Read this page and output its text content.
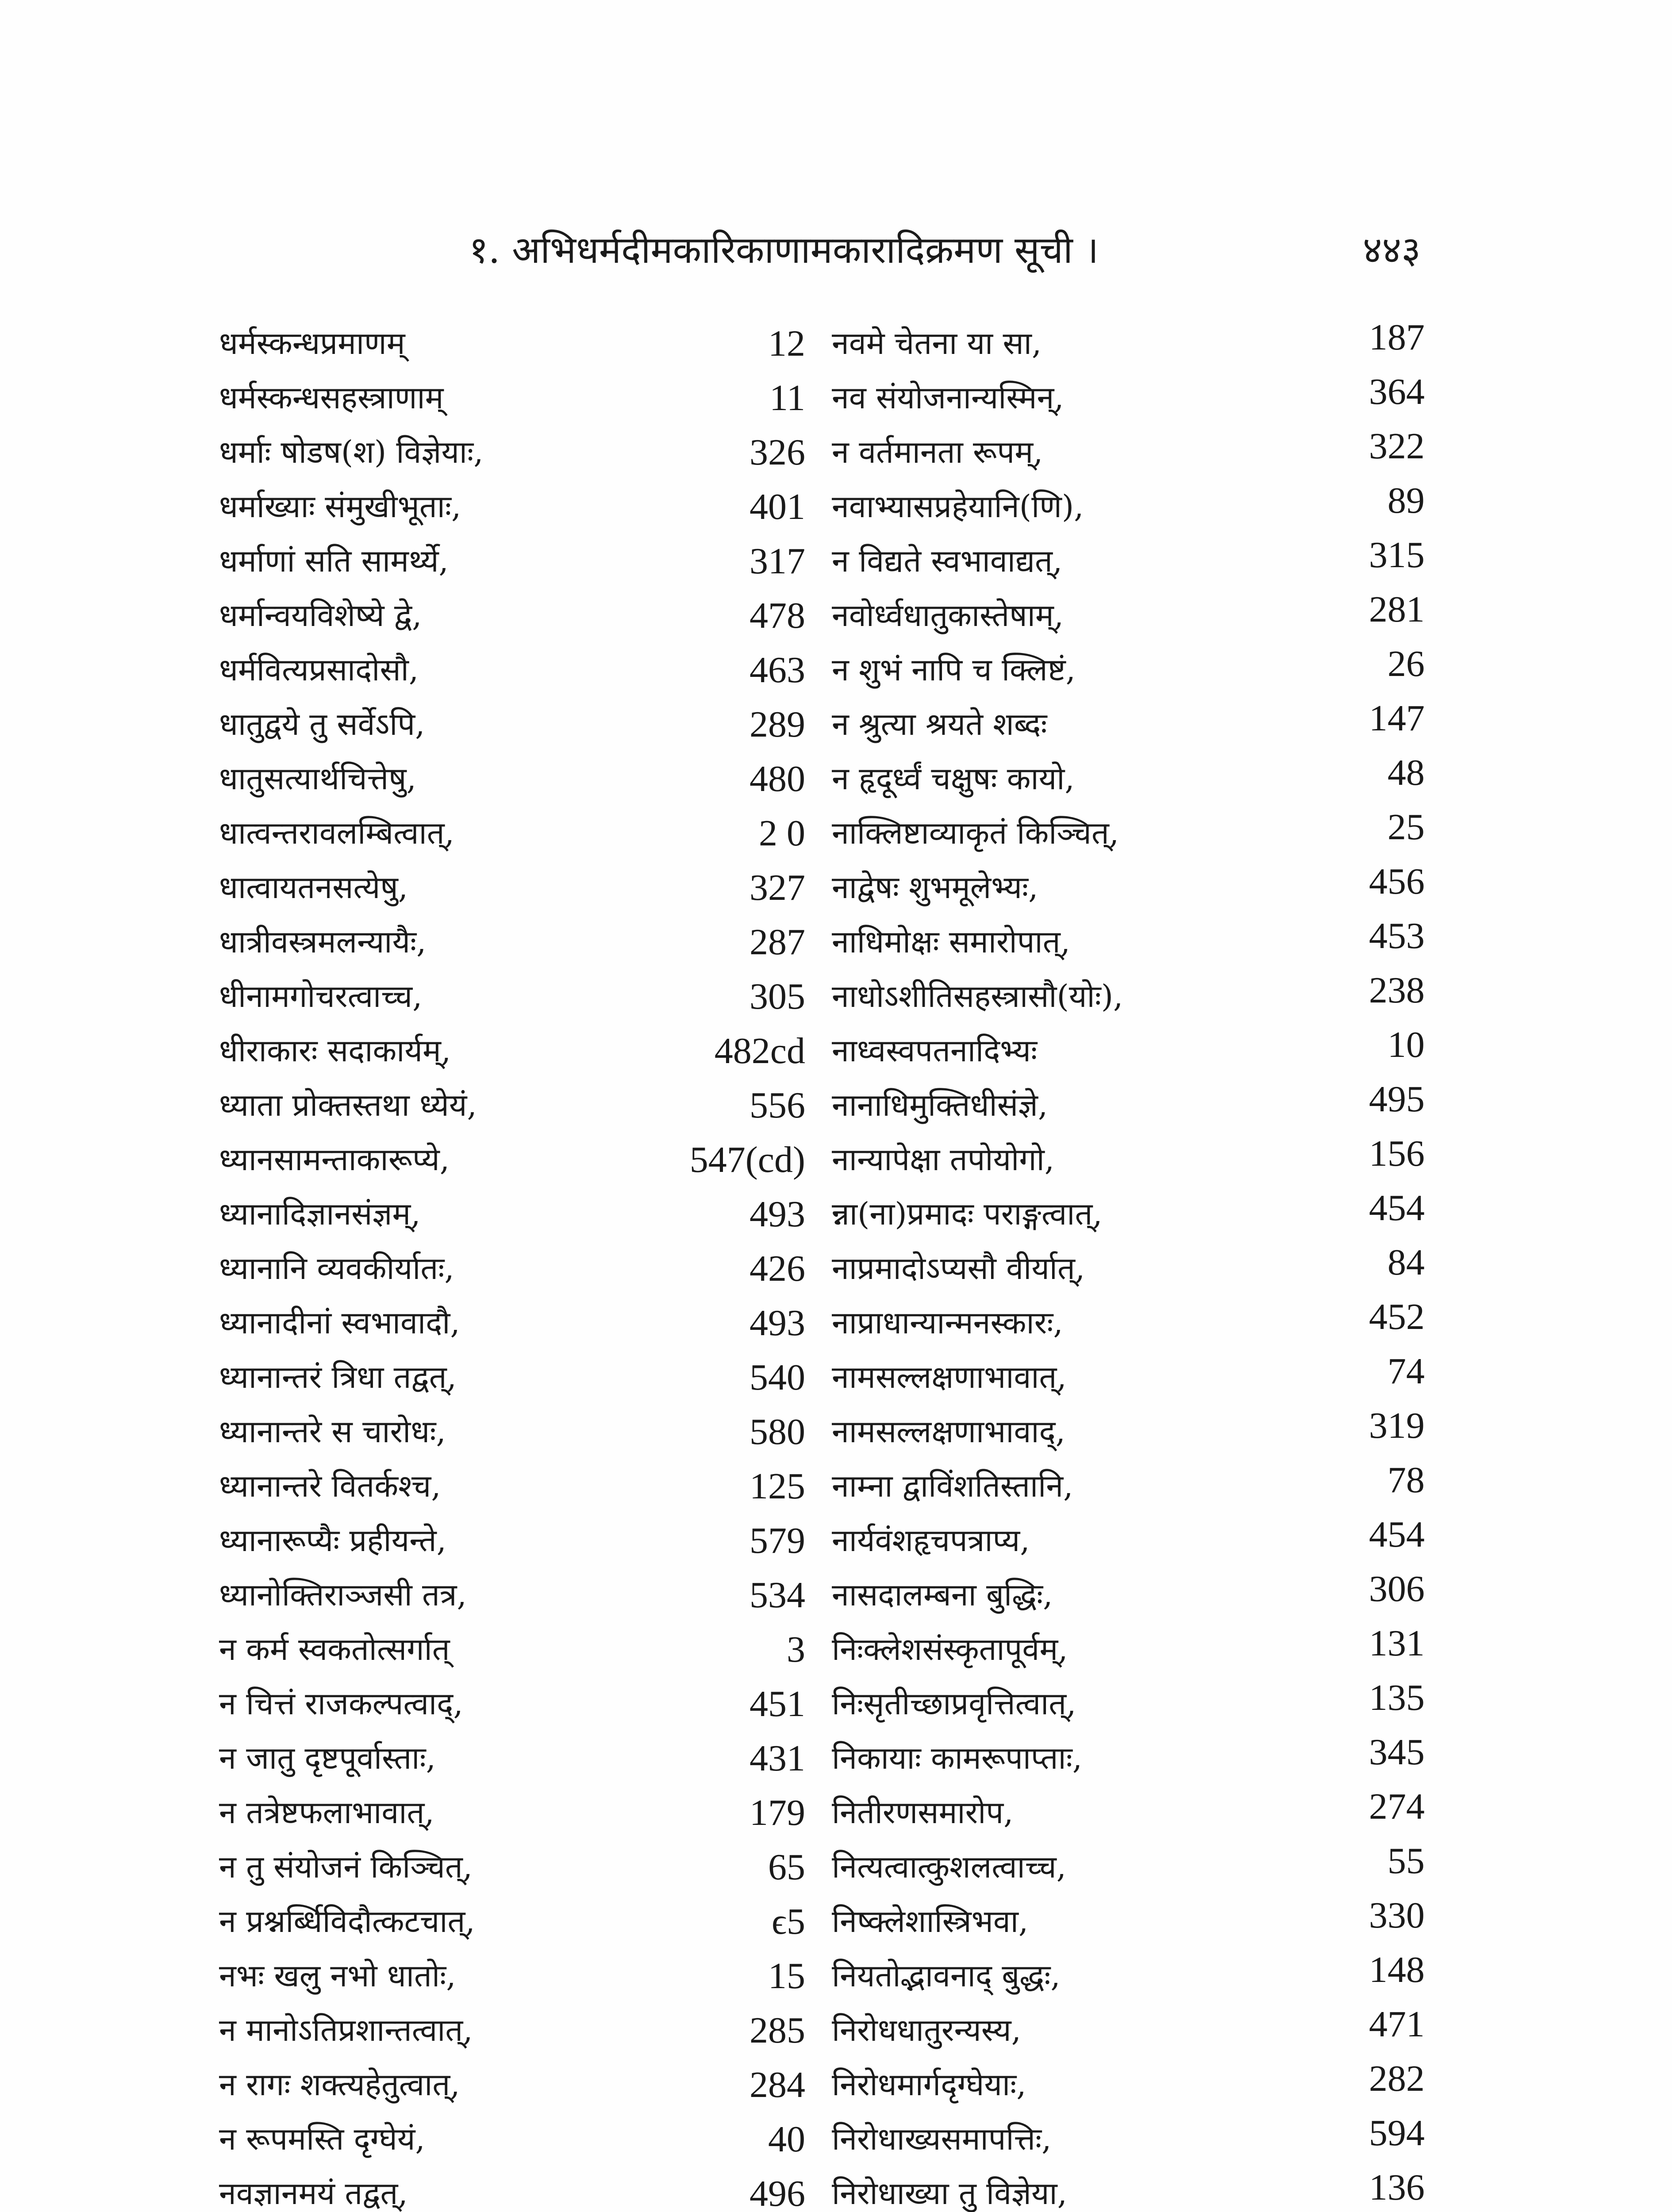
१. अभिधर्मदीमकारिकाणामकारादिक्रमण सूची ।	४४३
धर्मस्कन्धप्रमाणम्	12 नवमे चेतना या सा,	187
धर्मस्कन्धसहस्त्राणाम्	11 नव संयोजनान्यस्मिन्,	364
धर्माः षोडष(श) विज्ञेयाः,	326 न वर्तमानता रूपम्,	322
धर्माख्याः संमुखीभूताः,	401 नवाभ्यासप्रहेयानि(णि),	89
धर्माणां सति सामर्थ्ये,	317 न विद्यते स्वभावाद्यत्,	315
धर्मान्वयविशेष्ये द्वे,	478 नवोर्ध्वधातुकास्तेषाम्,	281
धर्मवित्यप्रसादोसौ,	463 न शुभं नापि च क्लिष्टं,	26
धातुद्वये तु सर्वेऽपि,	289 न श्रुत्या श्रयते शब्दः	147
धातुसत्यार्थचित्तेषु,	480 न हृदूर्ध्वं चक्षुषः कायो,	48
धात्वन्तरावलम्बित्वात्,	2 0 नाक्लिष्टाव्याकृतं किञ्चित्,	25
धात्वायतनसत्येषु,	327 नाद्वेषः शुभमूलेभ्यः,	456
धात्रीवस्त्रमलन्यायैः,	287 नाधिमोक्षः समारोपात्,	453
धीनामगोचरत्वाच्च,	305 नाधोऽशीतिसहस्त्रासौ(योः),	238
धीराकारः सदाकार्यम्,	482cd नाध्वस्वपतनादिभ्यः	10
ध्याता प्रोक्तस्तथा ध्येयं,	556 नानाधिमुक्तिधीसंज्ञे,	495
ध्यानसामन्ताकारूप्ये,	547(cd) नान्यापेक्षा तपोयोगो,	156
ध्यानादिज्ञानसंज्ञम्,	493 न्ना(ना)प्रमादः पराङ्गत्वात्,	454
ध्यानानि व्यवकीर्यातः,	426 नाप्रमादोऽप्यसौ वीर्यात्,	84
ध्यानादीनां स्वभावादौ,	493 नाप्राधान्यान्मनस्कारः,	452
ध्यानान्तरं त्रिधा तद्वत्,	540 नामसल्लक्षणाभावात्,	74
ध्यानान्तरे स चारोधः,	580 नामसल्लक्षणाभावाद्,	319
ध्यानान्तरे वितर्कश्च,	125 नाम्ना द्वाविंशतिस्तानि,	78
ध्यानारूप्यैः प्रहीयन्ते,	579 नार्यवंशहृचपत्राप्य,	454
ध्यानोक्तिराञ्जसी तत्र,	534 नासदालम्बना बुद्धिः,	306
न कर्म स्वकतोत्सर्गात्	3 निःक्लेशसंस्कृतापूर्वम्,	131
न चित्तं राजकल्पत्वाद्,	451 निःसृतीच्छाप्रवृत्तित्वात्,	135
न जातु दृष्टपूर्वास्ताः,	431 निकायाः कामरूपाप्ताः,	345
न तत्रेष्टफलाभावात्,	179 नितीरणसमारोप,	274
न तु संयोजनं किञ्चित्,	65 नित्यत्वात्कुशलत्वाच्च,	55
न प्रश्नर्ब्धिविदौत्कटचात्,	ϵ5 निष्क्लेशास्त्रिभवा,	330
नभः खलु नभो धातोः,	15 नियतोद्भावनाद् बुद्धः,	148
न मानोऽतिप्रशान्तत्वात्,	285 निरोधधातुरन्यस्य,	471
न रागः शक्त्यहेतुत्वात्,	284 निरोधमार्गदृग्घेयाः,	282
न रूपमस्ति दृग्घेयं,	40 निरोधाख्यसमापत्तिः,	594
नवज्ञानमयं तद्वत्,	496 निरोधाख्या तु विज्ञेया,	136
